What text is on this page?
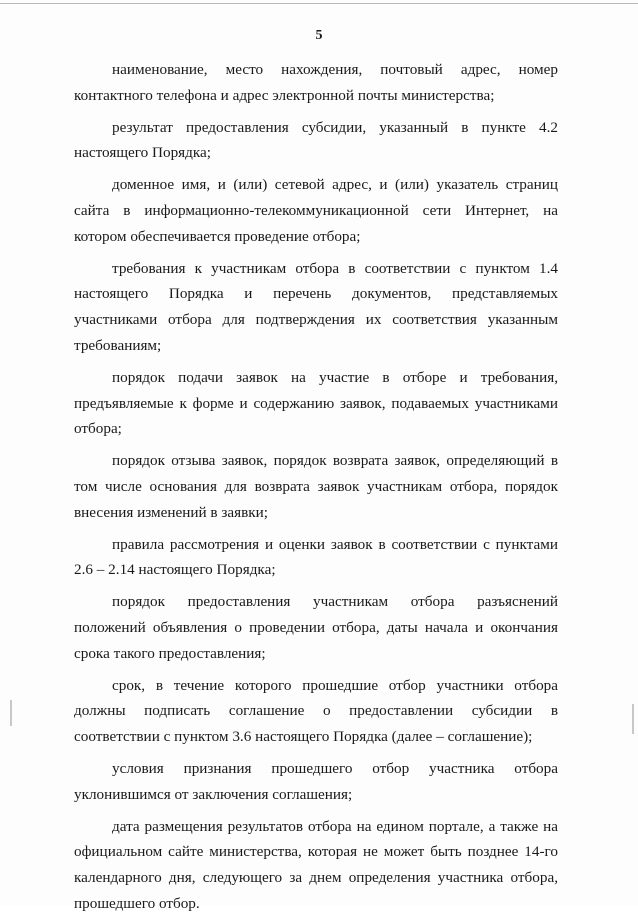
5

наименование, место нахождения, почтовый адрес, номер контактного телефона и адрес электронной почты министерства;

результат предоставления субсидии, указанный в пункте 4.2 настоящего Порядка;

доменное имя, и (или) сетевой адрес, и (или) указатель страниц сайта в информационно-телекоммуникационной сети Интернет, на котором обеспечивается проведение отбора;

требования к участникам отбора в соответствии с пунктом 1.4 настоящего Порядка и перечень документов, представляемых участниками отбора для подтверждения их соответствия указанным требованиям;

порядок подачи заявок на участие в отборе и требования, предъявляемые к форме и содержанию заявок, подаваемых участниками отбора;

порядок отзыва заявок, порядок возврата заявок, определяющий в том числе основания для возврата заявок участникам отбора, порядок внесения изменений в заявки;

правила рассмотрения и оценки заявок в соответствии с пунктами 2.6 – 2.14 настоящего Порядка;

порядок предоставления участникам отбора разъяснений положений объявления о проведении отбора, даты начала и окончания срока такого предоставления;

срок, в течение которого прошедшие отбор участники отбора должны подписать соглашение о предоставлении субсидии в соответствии с пунктом 3.6 настоящего Порядка (далее – соглашение);

условия признания прошедшего отбор участника отбора уклонившимся от заключения соглашения;

дата размещения результатов отбора на едином портале, а также на официальном сайте министерства, которая не может быть позднее 14-го календарного дня, следующего за днем определения участника отбора, прошедшего отбор.
